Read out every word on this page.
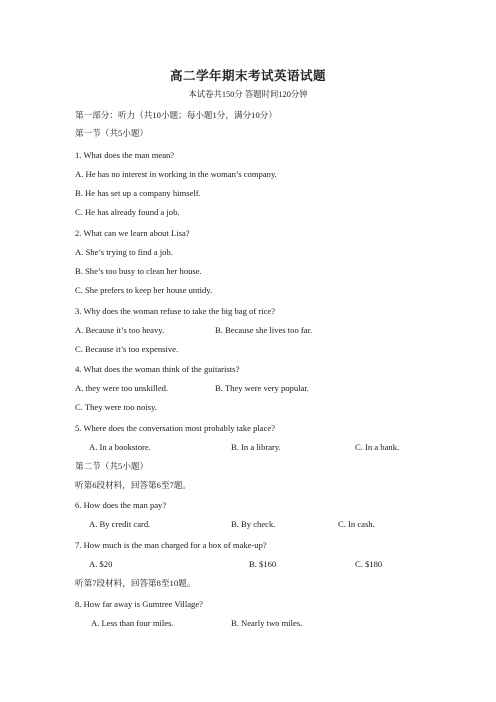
高二学年期末考试英语试题
本试卷共150分 答题时间120分钟
第一部分：听力（共10小题；每小题1分，满分10分）
第一节（共5小题）
1. What does the man mean?
A. He has no interest in working in the woman’s company.
B. He has set up a company himself.
C. He has already found a job.
2. What can we learn about Lisa?
A. She’s trying to find a job.
B. She’s too busy to clean her house.
C. She prefers to keep her house untidy.
3. Why does the woman refuse to take the big bag of rice?
A. Because it’s too heavy.	B. Because she lives too far.
C. Because it’s too expensive.
4. What does the woman think of the guitarists?
A. they were too unskilled.	B. They were very popular.
C. They were too noisy.
5. Where does the conversation most probably take place?
A. In a bookstore.	B. In a library.	C. In a bank.
第二节（共5小题）
听第6段材料，回答第6至7题。
6. How does the man pay?
A. By credit card.	B. By check.	C. In cash.
7. How much is the man charged for a box of make-up?
A. $20	B. $160	C. $180
听第7段材料，回答第8至10题。
8. How far away is Gumtree Village?
A. Less than four miles.	B. Nearly two miles.
